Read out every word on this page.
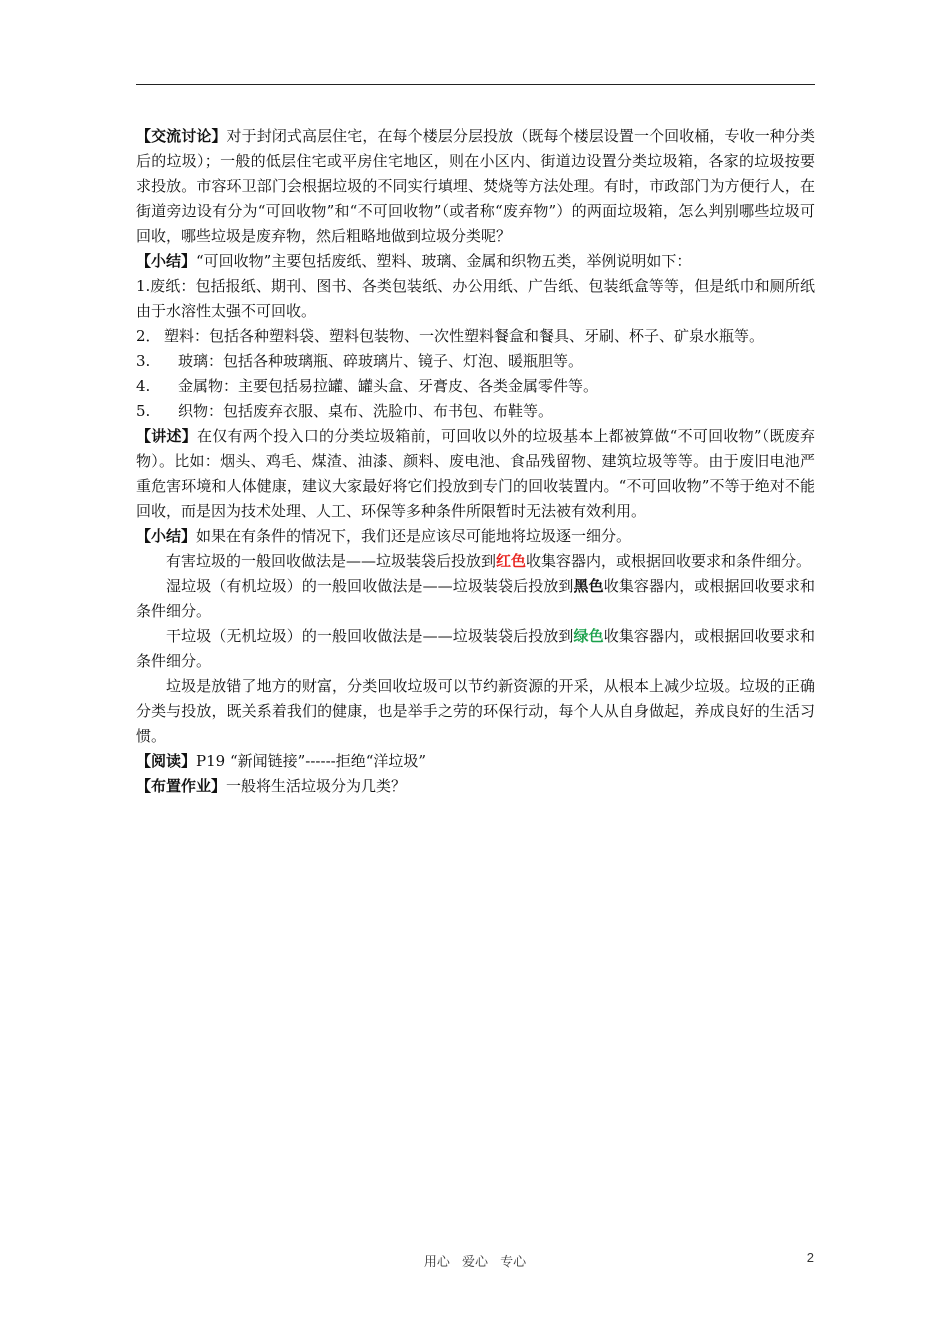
【交流讨论】对于封闭式高层住宅，在每个楼层分层投放（既每个楼层设置一个回收桶，专收一种分类后的垃圾）；一般的低层住宅或平房住宅地区，则在小区内、街道边设置分类垃圾箱，各家的垃圾按要求投放。市容环卫部门会根据垃圾的不同实行填埋、焚烧等方法处理。有时，市政部门为方便行人，在街道旁边设有分为“可回收物”和“不可回收物”（或者称“废弃物”）的两面垃圾箱，怎么判别哪些垃圾可回收，哪些垃圾是废弃物，然后粗略地做到垃圾分类呢？

【小结】“可回收物”主要包括废纸、塑料、玻璃、金属和织物五类，举例说明如下：

1.废纸：包括报纸、期刊、图书、各类包装纸、办公用纸、广告纸、包装纸盒等等，但是纸巾和厕所纸由于水溶性太强不可回收。

2． 塑料：包括各种塑料袋、塑料包装物、一次性塑料餐盒和餐具、牙刷、杯子、矿泉水瓶等。

3. 玻璃：包括各种玻璃瓶、碎玻璃片、镜子、灯泡、暖瓶胆等。

4. 金属物：主要包括易拉罐、罐头盒、牙膏皮、各类金属零件等。

5. 织物：包括废弃衣服、桌布、洗脸巾、布书包、布鞋等。

【讲述】在仅有两个投入口的分类垃圾箱前，可回收以外的垃圾基本上都被算做“不可回收物”（既废弃物）。比如：烟头、鸡毛、煤渣、油漆、颜料、废电池、食品残留物、建筑垃圾等等。由于废旧电池严重危害环境和人体健康，建议大家最好将它们投放到专门的回收装置内。“不可回收物”不等于绝对不能回收，而是因为技术处理、人工、环保等多种条件所限暂时无法被有效利用。

【小结】如果在有条件的情况下，我们还是应该尽可能地将垃圾逐一细分。

有害垃圾的一般回收做法是——垃圾装袋后投放到红色收集容器内，或根据回收要求和条件细分。

湿垃圾（有机垃圾）的一般回收做法是——垃圾装袋后投放到黑色收集容器内，或根据回收要求和条件细分。

干垃圾（无机垃圾）的一般回收做法是——垃圾装袋后投放到绿色收集容器内，或根据回收要求和条件细分。

垃圾是放错了地方的财富，分类回收垃圾可以节约新资源的开采，从根本上减少垃圾。垃圾的正确分类与投放，既关系着我们的健康，也是举手之劳的环保行动，每个人从自身做起，养成良好的生活习惯。

【阅读】P19 “新闻链接”------拒绝“洋垃圾”

【布置作业】一般将生活垃圾分为几类？

用心 爱心 专心	2
